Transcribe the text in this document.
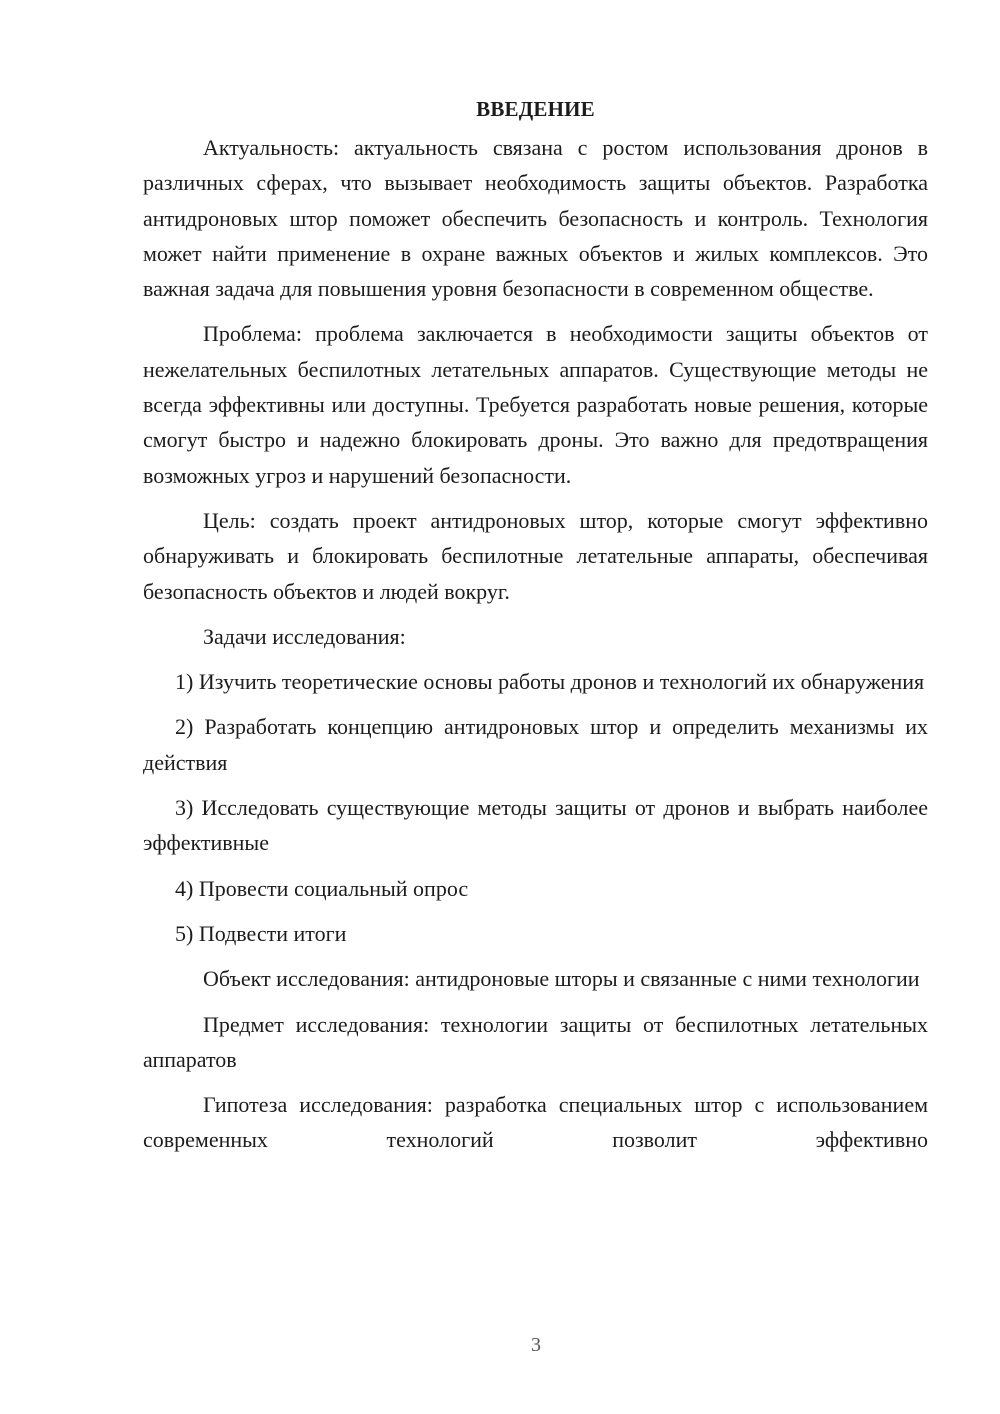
ВВЕДЕНИЕ

Актуальность: актуальность связана с ростом использования дронов в различных сферах, что вызывает необходимость защиты объектов. Разработка антидроновых штор поможет обеспечить безопасность и контроль. Технология может найти применение в охране важных объектов и жилых комплексов. Это важная задача для повышения уровня безопасности в современном обществе.

Проблема: проблема заключается в необходимости защиты объектов от нежелательных беспилотных летательных аппаратов. Существующие методы не всегда эффективны или доступны. Требуется разработать новые решения, которые смогут быстро и надежно блокировать дроны. Это важно для предотвращения возможных угроз и нарушений безопасности.

Цель: создать проект антидроновых штор, которые смогут эффективно обнаруживать и блокировать беспилотные летательные аппараты, обеспечивая безопасность объектов и людей вокруг.

Задачи исследования:

1) Изучить теоретические основы работы дронов и технологий их обнаружения

2) Разработать концепцию антидроновых штор и определить механизмы их действия

3) Исследовать существующие методы защиты от дронов и выбрать наиболее эффективные

4) Провести социальный опрос

5) Подвести итоги

Объект исследования: антидроновые шторы и связанные с ними технологии

Предмет исследования: технологии защиты от беспилотных летательных аппаратов

Гипотеза исследования: разработка специальных штор с использованием современных технологий позволит эффективно

3
